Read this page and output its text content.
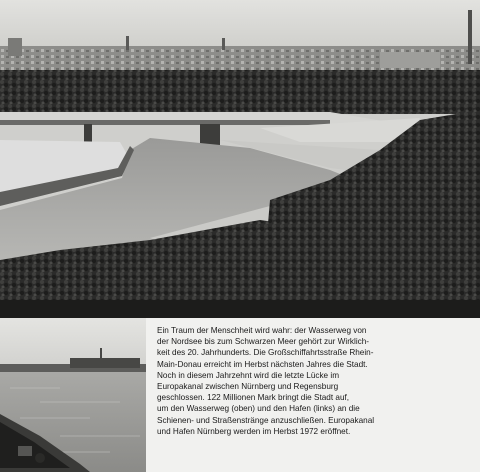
Ein Traum der Menschheit wird wahr: der Wasserweg von
der Nordsee bis zum Schwarzen Meer gehört zur Wirklich-
keit des 20. Jahrhunderts. Die Großschiffahrtsstraße Rhein-
Main-Donau erreicht im Herbst nächsten Jahres die Stadt.
Noch in diesem Jahrzehnt wird die letzte Lücke im
Europakanal zwischen Nürnberg und Regensburg
geschlossen. 122 Millionen Mark bringt die Stadt auf,
um den Wasserweg (oben) und den Hafen (links) an die
Schienen- und Straßenstränge anzuschließen. Europakanal
und Hafen Nürnberg werden im Herbst 1972 eröffnet.
